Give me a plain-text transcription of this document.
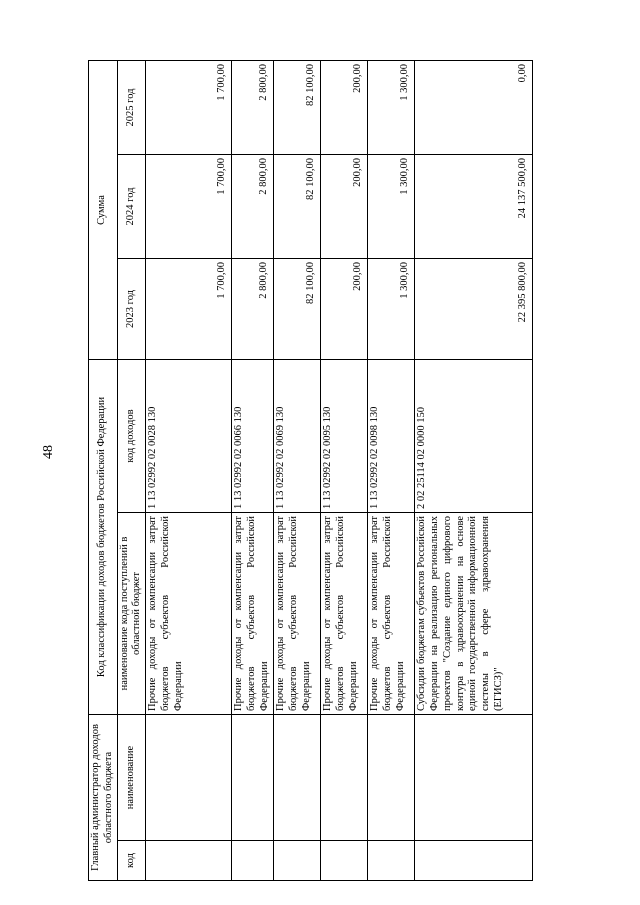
48
Главный администратор доходов областного бюджета		Код классификации доходов бюджетов Российской Федерации		Сумма		
код	наименование	наименование кода поступлений в областной бюджет	код доходов	2023 год	2024 год	2025 год
		Прочие доходы от компенсации затрат бюджетов субъектов Российской Федерации	1 13 02992 02 0028 130	1 700,00	1 700,00	1 700,00
		Прочие доходы от компенсации затрат бюджетов субъектов Российской Федерации	1 13 02992 02 0066 130	2 800,00	2 800,00	2 800,00
		Прочие доходы от компенсации затрат бюджетов субъектов Российской Федерации	1 13 02992 02 0069 130	82 100,00	82 100,00	82 100,00
		Прочие доходы от компенсации затрат бюджетов субъектов Российской Федерации	1 13 02992 02 0095 130	200,00	200,00	200,00
		Прочие доходы от компенсации затрат бюджетов субъектов Российской Федерации	1 13 02992 02 0098 130	1 300,00	1 300,00	1 300,00
		Субсидии бюджетам субъектов Российской Федерации на реализацию региональных проектов "Создание единого цифрового контура в здравоохранении на основе единой государственной информационной системы в сфере здравоохранения (ЕГИСЗ)"	2 02 25114 02 0000 150	22 395 800,00	24 137 500,00	0,00
